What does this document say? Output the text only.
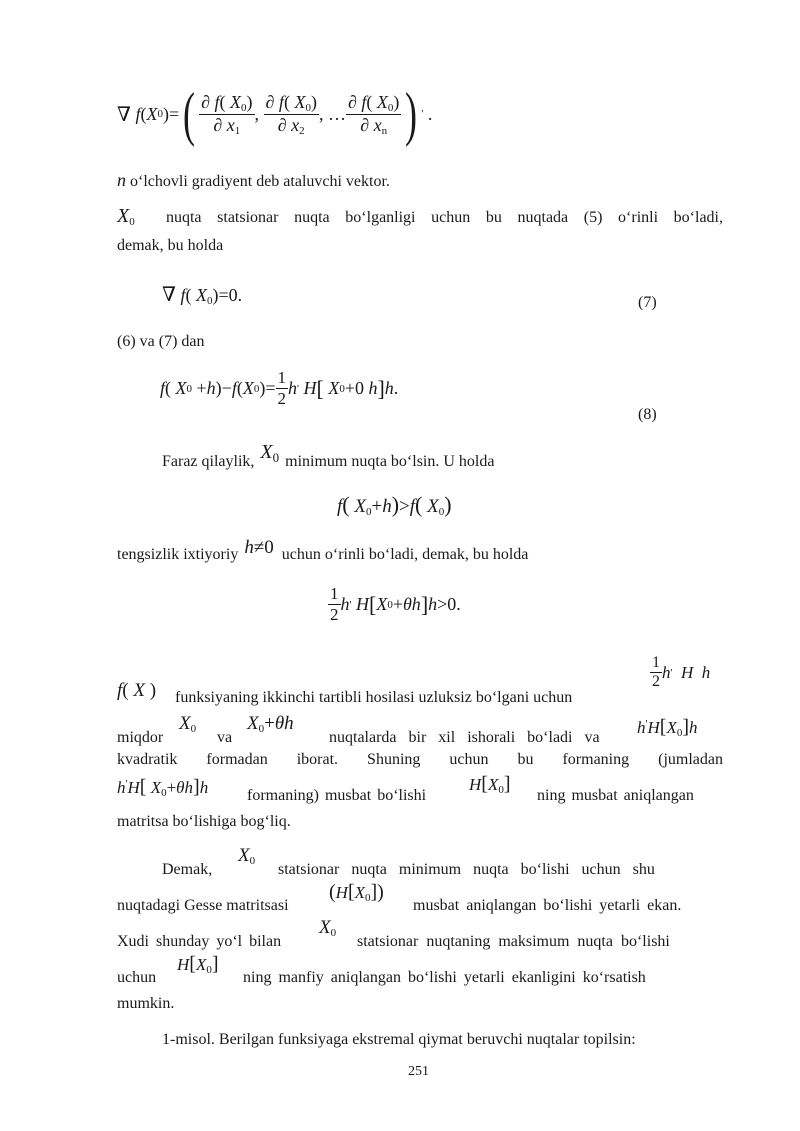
∇ f ( X 0 )= ( $\frac{\partial f( X_0)}{\partial x_1}$ , $\frac{\partial f( X_0)}{\partial x_2}$ , … $\frac{\partial f( X_0)}{\partial x_n}$ ) ' .
n o‘lchovli gradiyent deb ataluvchi vektor.
$X_0$ nuqta statsionar nuqta bo‘lganligi uchun bu nuqtada (5) o‘rinli bo‘ladi,
demak, bu holda
∇ f( $X_0)=0$.	(7)
(6) va (7) dan
f ( X 0 + h )− f ( X 0 )= $\frac{1}{2}$ h '
H [ X 0 +0 h ] h .
(8)
Faraz qilaylik, X 0 minimum nuqta bo‘lsin. U holda
f( $X_0+h)>f$( $X_0$)
tengsizlik ixtiyoriy h≠0 uchun o‘rinli bo‘ladi, demak, bu holda
$\frac{1}{2}$ h '
H [ X 0 + θh ] h >0.
f( X ) funksiyaning ikkinchi tartibli hosilasi uzluksiz bo‘lgani uchun
$\frac{1}{2}$ h ' H  h
miqdor
$X_0$ va
$X_0+\theta h$
nuqtalarda bir xil ishorali bo‘ladi va
$h'H[X_0]h$
kvadratik formadan iborat. Shuning uchun bu formaning (jumladan
h'H[ $X_0+\theta h]h$ formaning) musbat bo‘lishi
$H[X_0]$
ning musbat aniqlangan
matritsa bo‘lishiga bog‘liq.
Demak,
$X_0$ statsionar nuqta minimum nuqta bo‘lishi uchun shu
nuqtadagi Gesse matritsasi
$(H[X_0])$
musbat aniqlangan bo‘lishi yetarli ekan.
Xudi shunday yo‘l bilan
$X_0$ statsionar nuqtaning maksimum nuqta bo‘lishi
uchun
$H[X_0]$
ning manfiy aniqlangan bo‘lishi yetarli ekanligini ko‘rsatish
mumkin.
1-misol. Berilgan funksiyaga ekstremal qiymat beruvchi nuqtalar topilsin:
251
